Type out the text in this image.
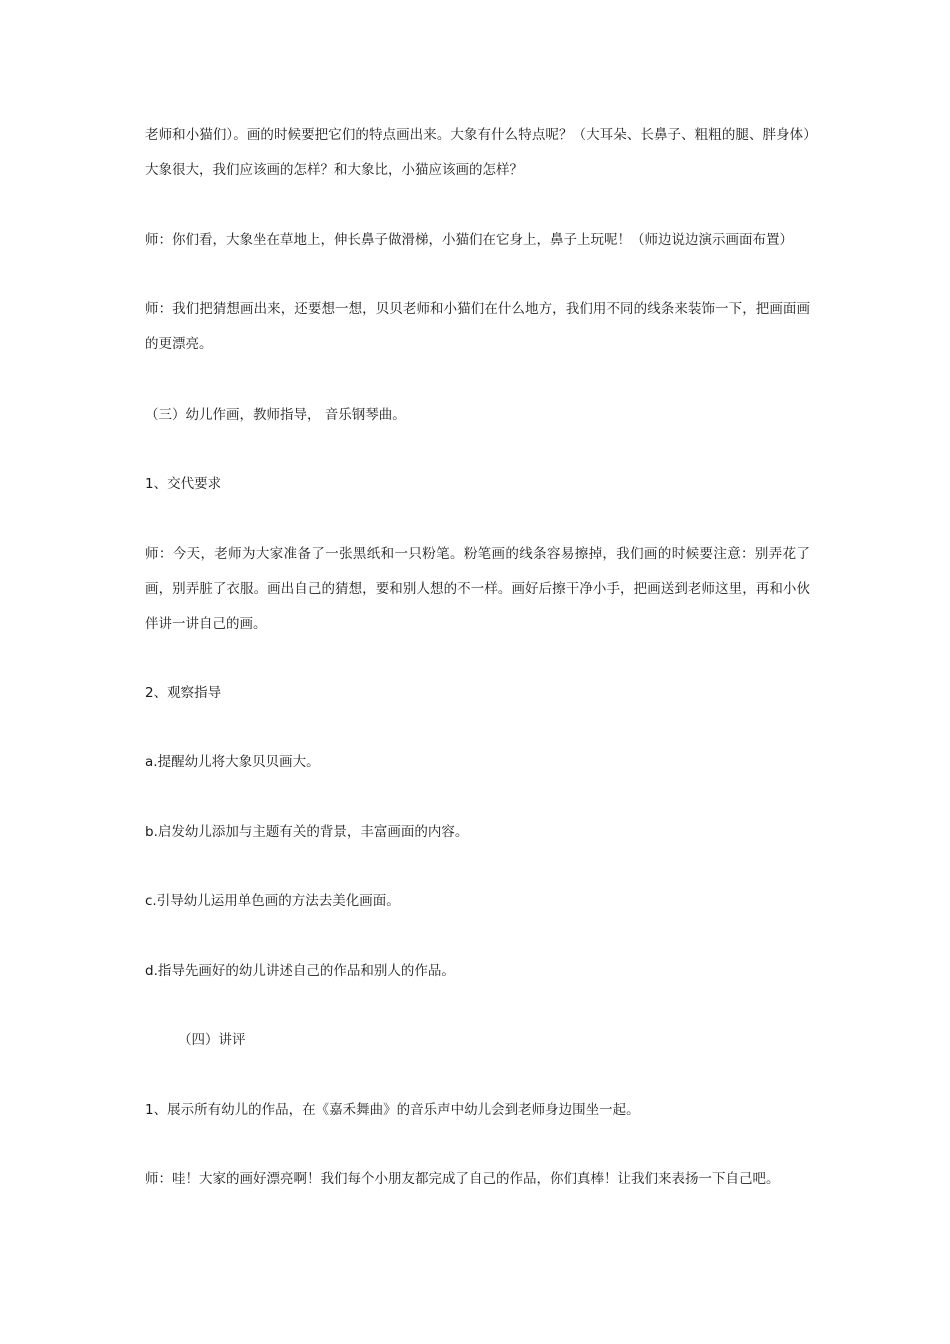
老师和小猫们）。画的时候要把它们的特点画出来。大象有什么特点呢？（大耳朵、长鼻子、粗粗的腿、胖身体）大象很大，我们应该画的怎样？和大象比，小猫应该画的怎样？

师：你们看，大象坐在草地上，伸长鼻子做滑梯，小猫们在它身上，鼻子上玩呢！（师边说边演示画面布置）

师：我们把猜想画出来，还要想一想，贝贝老师和小猫们在什么地方，我们用不同的线条来装饰一下，把画面画的更漂亮。

（三）幼儿作画，教师指导， 音乐钢琴曲。

1、交代要求

师：今天，老师为大家准备了一张黑纸和一只粉笔。粉笔画的线条容易擦掉，我们画的时候要注意：别弄花了画，别弄脏了衣服。画出自己的猜想，要和别人想的不一样。画好后擦干净小手，把画送到老师这里，再和小伙伴讲一讲自己的画。

2、观察指导

a.提醒幼儿将大象贝贝画大。

b.启发幼儿添加与主题有关的背景，丰富画面的内容。

c.引导幼儿运用单色画的方法去美化画面。

d.指导先画好的幼儿讲述自己的作品和别人的作品。

（四）讲评

1、展示所有幼儿的作品，在《嘉禾舞曲》的音乐声中幼儿会到老师身边围坐一起。

师：哇！大家的画好漂亮啊！我们每个小朋友都完成了自己的作品，你们真棒！让我们来表扬一下自己吧。
